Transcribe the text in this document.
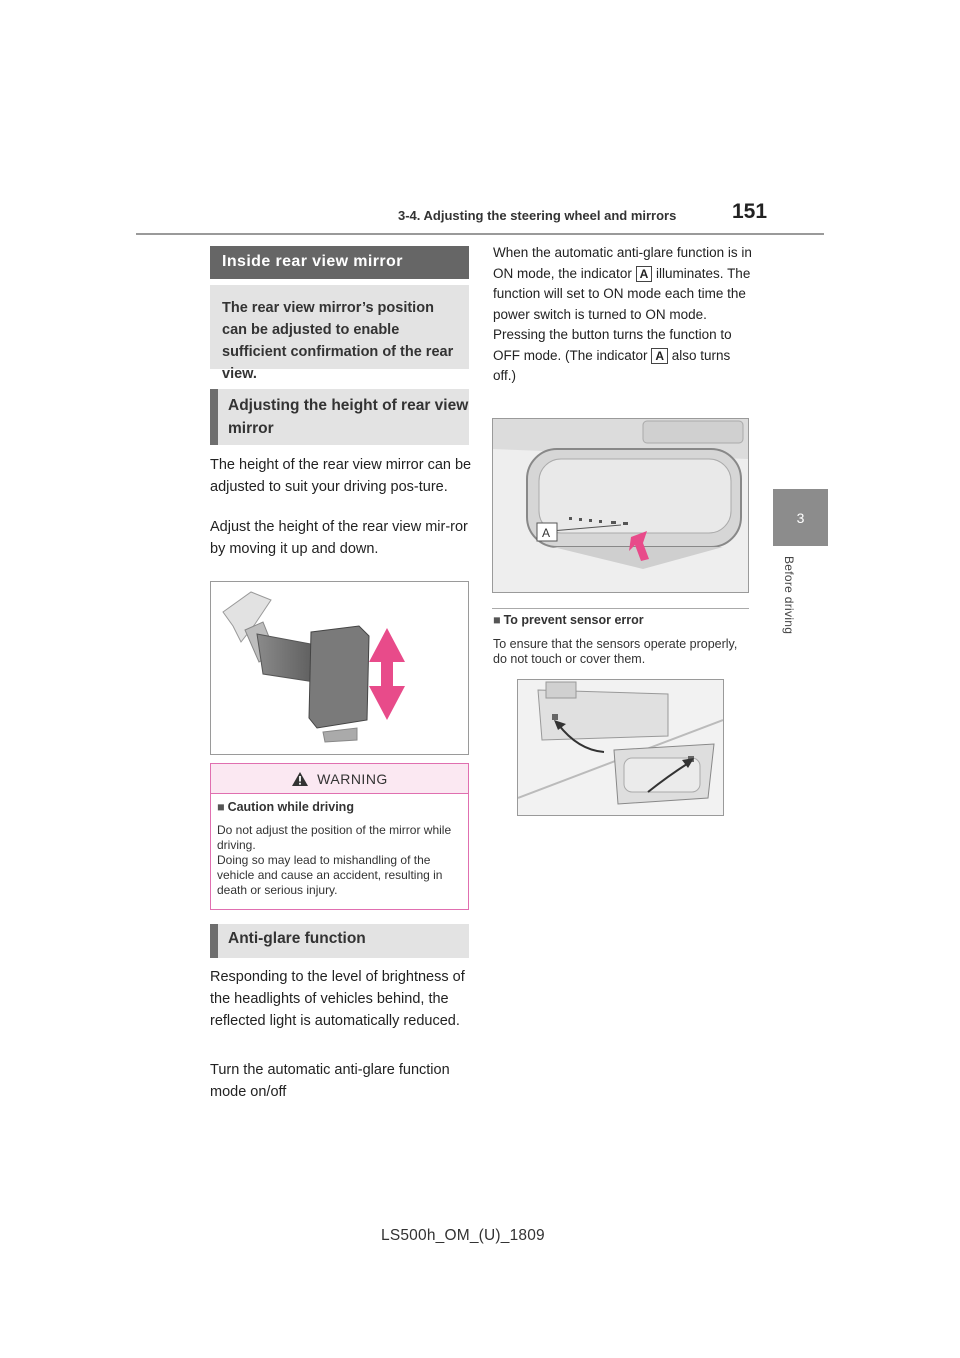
3-4. Adjusting the steering wheel and mirrors	151
3
Before driving
Inside rear view mirror
The rear view mirror’s position can be adjusted to enable sufficient confirmation of the rear view.
Adjusting the height of rear view mirror
The height of the rear view mirror can be adjusted to suit your driving pos-ture.
Adjust the height of the rear view mir-ror by moving it up and down.
WARNING
■ Caution while driving
Do not adjust the position of the mirror while driving.
Doing so may lead to mishandling of the vehicle and cause an accident, resulting in death or serious injury.
Anti-glare function
Responding to the level of brightness of the headlights of vehicles behind, the reflected light is automatically reduced.
Turn the automatic anti-glare function mode on/off
When the automatic anti-glare function is in ON mode, the indicator A illuminates. The function will set to ON mode each time the power switch is turned to ON mode.
Pressing the button turns the function to OFF mode. (The indicator A also turns off.)
A
■ To prevent sensor error
To ensure that the sensors operate properly, do not touch or cover them.
LS500h_OM_(U)_1809
